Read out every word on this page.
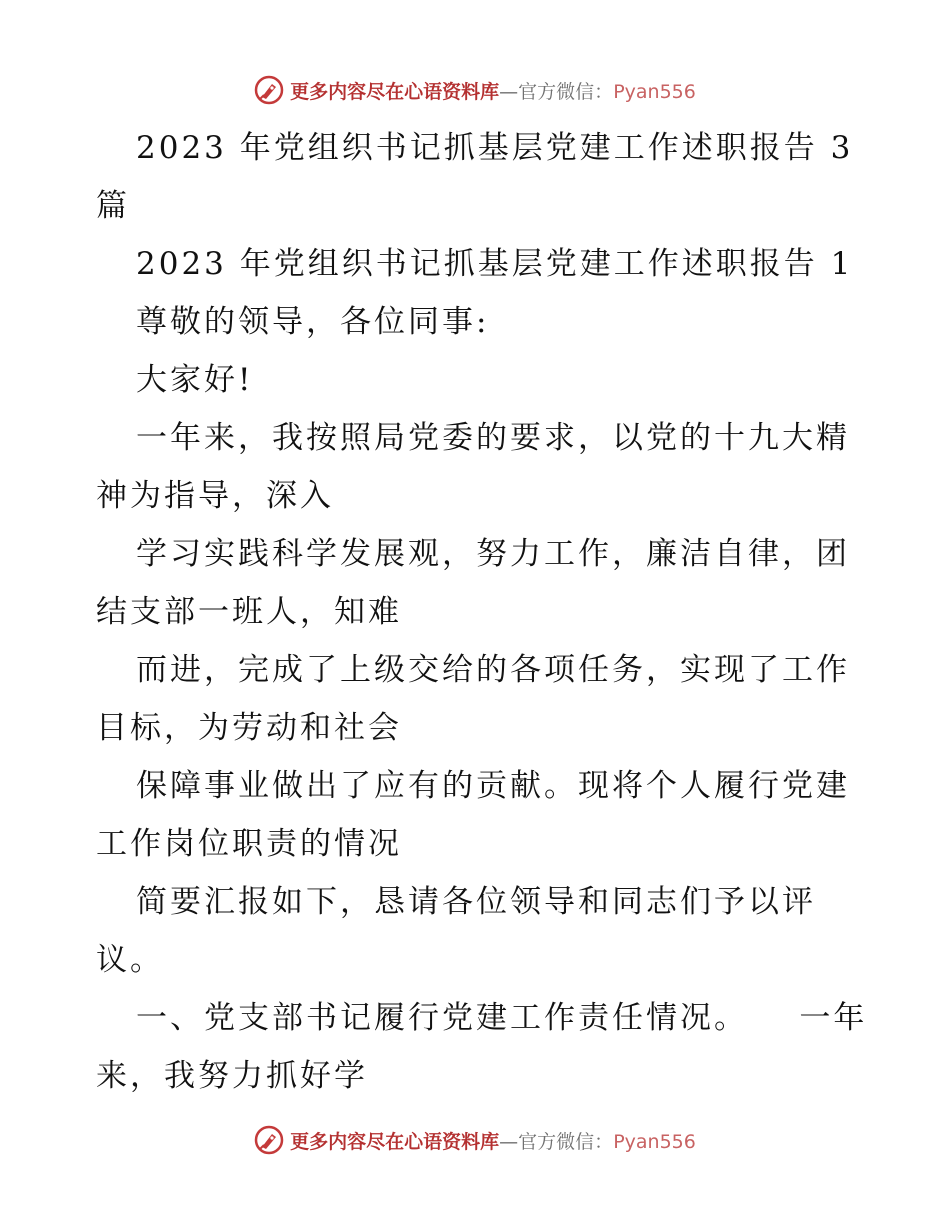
更多内容尽在心语资料库—官方微信：Pyan556
2023 年党组织书记抓基层党建工作述职报告 3
篇
2023 年党组织书记抓基层党建工作述职报告 1
尊敬的领导，各位同事:
大家好!
一年来，我按照局党委的要求，以党的十九大精
神为指导，深入
学习实践科学发展观，努力工作，廉洁自律，团
结支部一班人，知难
而进，完成了上级交给的各项任务，实现了工作
目标，为劳动和社会
保障事业做出了应有的贡献。现将个人履行党建
工作岗位职责的情况
简要汇报如下，恳请各位领导和同志们予以评
议。
一、党支部书记履行党建工作责任情况。    一年
来，我努力抓好学
更多内容尽在心语资料库—官方微信：Pyan556
